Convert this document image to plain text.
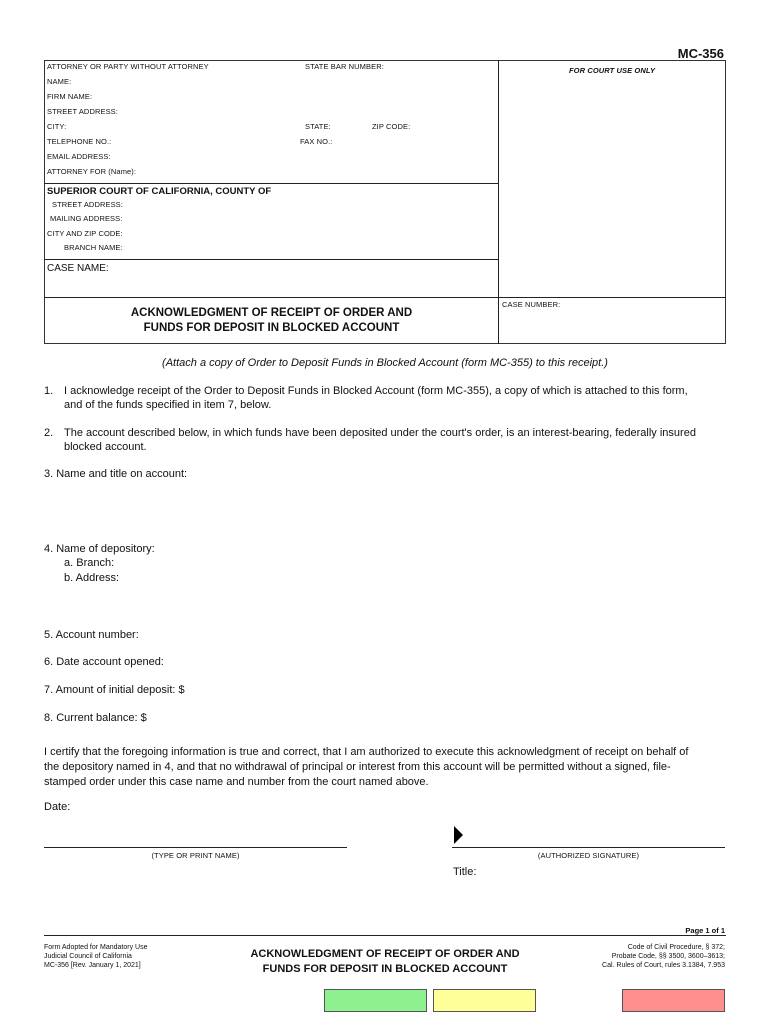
MC-356
ATTORNEY OR PARTY WITHOUT ATTORNEY	STATE BAR NUMBER:	FOR COURT USE ONLY
NAME:
FIRM NAME:
STREET ADDRESS:
CITY:	STATE:	ZIP CODE:
TELEPHONE NO.:	FAX NO.:
EMAIL ADDRESS:
ATTORNEY FOR (Name):
SUPERIOR COURT OF CALIFORNIA, COUNTY OF
STREET ADDRESS:
MAILING ADDRESS:
CITY AND ZIP CODE:
BRANCH NAME:
CASE NAME:
ACKNOWLEDGMENT OF RECEIPT OF ORDER AND
FUNDS FOR DEPOSIT IN BLOCKED ACCOUNT
CASE NUMBER:
(Attach a copy of Order to Deposit Funds in Blocked Account (form MC-355) to this receipt.)
1. I acknowledge receipt of the Order to Deposit Funds in Blocked Account (form MC-355), a copy of which is attached to this form,
and of the funds specified in item 7, below.
2. The account described below, in which funds have been deposited under the court's order, is an interest-bearing, federally insured
blocked account.
3. Name and title on account:
4. Name of depository:
a. Branch:
b. Address:
5. Account number:
6. Date account opened:
7. Amount of initial deposit: $
8. Current balance: $
I certify that the foregoing information is true and correct, that I am authorized to execute this acknowledgment of receipt on behalf of
the depository named in 4, and that no withdrawal of principal or interest from this account will be permitted without a signed, file-
stamped order under this case name and number from the court named above.
Date:
(TYPE OR PRINT NAME)	(AUTHORIZED SIGNATURE)
Title:
Page 1 of 1
Form Adopted for Mandatory Use
Judicial Council of California
MC-356 [Rev. January 1, 2021]
ACKNOWLEDGMENT OF RECEIPT OF ORDER AND
FUNDS FOR DEPOSIT IN BLOCKED ACCOUNT
Code of Civil Procedure, § 372;
Probate Code, §§ 3500, 3600–3613;
Cal. Rules of Court, rules 3.1384, 7.953
